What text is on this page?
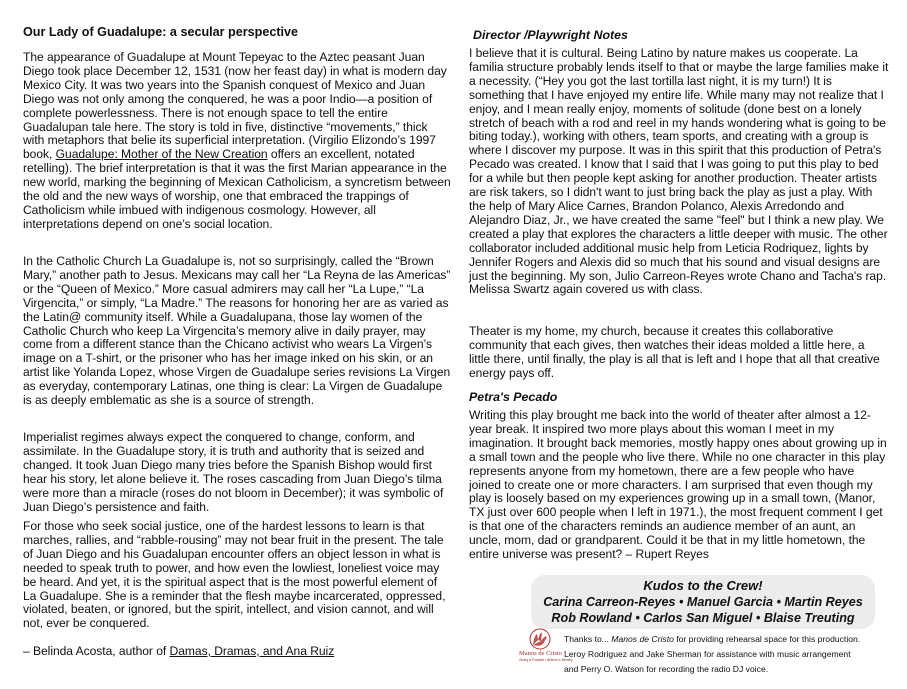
Our Lady of Guadalupe: a secular perspective

The appearance of Guadalupe at Mount Tepeyac to the Aztec peasant Juan Diego took place December 12, 1531 (now her feast day) in what is modern day Mexico City. It was two years into the Spanish conquest of Mexico and Juan Diego was not only among the conquered, he was a poor Indio—a position of complete powerlessness. There is not enough space to tell the entire Guadalupan tale here. The story is told in five, distinctive “movements,” thick with metaphors that belie its superficial interpretation. (Virgilio Elizondo’s 1997 book, Guadalupe: Mother of the New Creation offers an excellent, notated retelling). The brief interpretation is that it was the first Marian appearance in the new world, marking the beginning of Mexican Catholicism, a syncretism between the old and the new ways of worship, one that embraced the trappings of Catholicism while imbued with indigenous cosmology. However, all interpretations depend on one’s social location.

In the Catholic Church La Guadalupe is, not so surprisingly, called the “Brown Mary,” another path to Jesus. Mexicans may call her “La Reyna de las Americas” or the “Queen of Mexico.” More casual admirers may call her “La Lupe,” “La Virgencita,” or simply, “La Madre.” The reasons for honoring her are as varied as the Latin@ community itself. While a Guadalupana, those lay women of the Catholic Church who keep La Virgencita’s memory alive in daily prayer, may come from a different stance than the Chicano activist who wears La Virgen’s image on a T-shirt, or the prisoner who has her image inked on his skin, or an artist like Yolanda Lopez, whose Virgen de Guadalupe series revisions La Virgen as everyday, contemporary Latinas, one thing is clear: La Virgen de Guadalupe is as deeply emblematic as she is a source of strength.

Imperialist regimes always expect the conquered to change, conform, and assimilate. In the Guadalupe story, it is truth and authority that is seized and changed. It took Juan Diego many tries before the Spanish Bishop would first hear his story, let alone believe it. The roses cascading from Juan Diego’s tilma were more than a miracle (roses do not bloom in December); it was symbolic of Juan Diego’s persistence and faith.

For those who seek social justice, one of the hardest lessons to learn is that marches, rallies, and “rabble-rousing” may not bear fruit in the present. The tale of Juan Diego and his Guadalupan encounter offers an object lesson in what is needed to speak truth to power, and how even the lowliest, loneliest voice may be heard. And yet, it is the spiritual aspect that is the most powerful element of La Guadalupe. She is a reminder that the flesh maybe incarcerated, oppressed, violated, beaten, or ignored, but the spirit, intellect, and vision cannot, and will not, ever be conquered.

– Belinda Acosta, author of Damas, Dramas, and Ana Ruiz

Director /Playwright Notes

I believe that it is cultural. Being Latino by nature makes us cooperate. La familia structure probably lends itself to that or maybe the large families make it a necessity. (“Hey you got the last tortilla last night, it is my turn!) It is something that I have enjoyed my entire life. While many may not realize that I enjoy, and I mean really enjoy, moments of solitude (done best on a lonely stretch of beach with a rod and reel in my hands wondering what is going to be biting today.), working with others, team sports, and creating with a group is where I discover my purpose. It was in this spirit that this production of Petra's Pecado was created. I know that I said that I was going to put this play to bed for a while but then people kept asking for another production. Theater artists are risk takers, so I didn't want to just bring back the play as just a play. With the help of Mary Alice Carnes, Brandon Polanco, Alexis Arredondo and Alejandro Diaz, Jr., we have created the same "feel" but I think a new play. We created a play that explores the characters a little deeper with music. The other collaborator included additional music help from Leticia Rodriquez, lights by Jennifer Rogers and Alexis did so much that his sound and visual designs are just the beginning. My son, Julio Carreon-Reyes wrote Chano and Tacha's rap. Melissa Swartz again covered us with class.

Theater is my home, my church, because it creates this collaborative community that each gives, then watches their ideas molded a little here, a little there, until finally, the play is all that is left and I hope that all that creative energy pays off.

Petra's Pecado

Writing this play brought me back into the world of theater after almost a 12-year break. It inspired two more plays about this woman I meet in my imagination. It brought back memories, mostly happy ones about growing up in a small town and the people who live there. While no one character in this play represents anyone from my hometown, there are a few people who have joined to create one or more characters. I am surprised that even though my play is loosely based on my experiences growing up in a small town, (Manor, TX just over 600 people when I left in 1971.), the most frequent comment I get is that one of the characters reminds an audience member of an aunt, an uncle, mom, dad or grandparent. Could it be that in my little hometown, the entire universe was present? – Rupert Reyes

Kudos to the Crew!
Carina Carreon-Reyes • Manuel Garcia • Martin Reyes
Rob Rowland • Carlos San Miguel • Blaise Treuting
Manos de Cristo
Giving is Possible • Believe in Ministry
Thanks to... Manos de Cristo for providing rehearsal space for this production.
Leroy Rodriguez and Jake Sherman for assistance with music arrangement
and Perry O. Watson for recording the radio DJ voice.
